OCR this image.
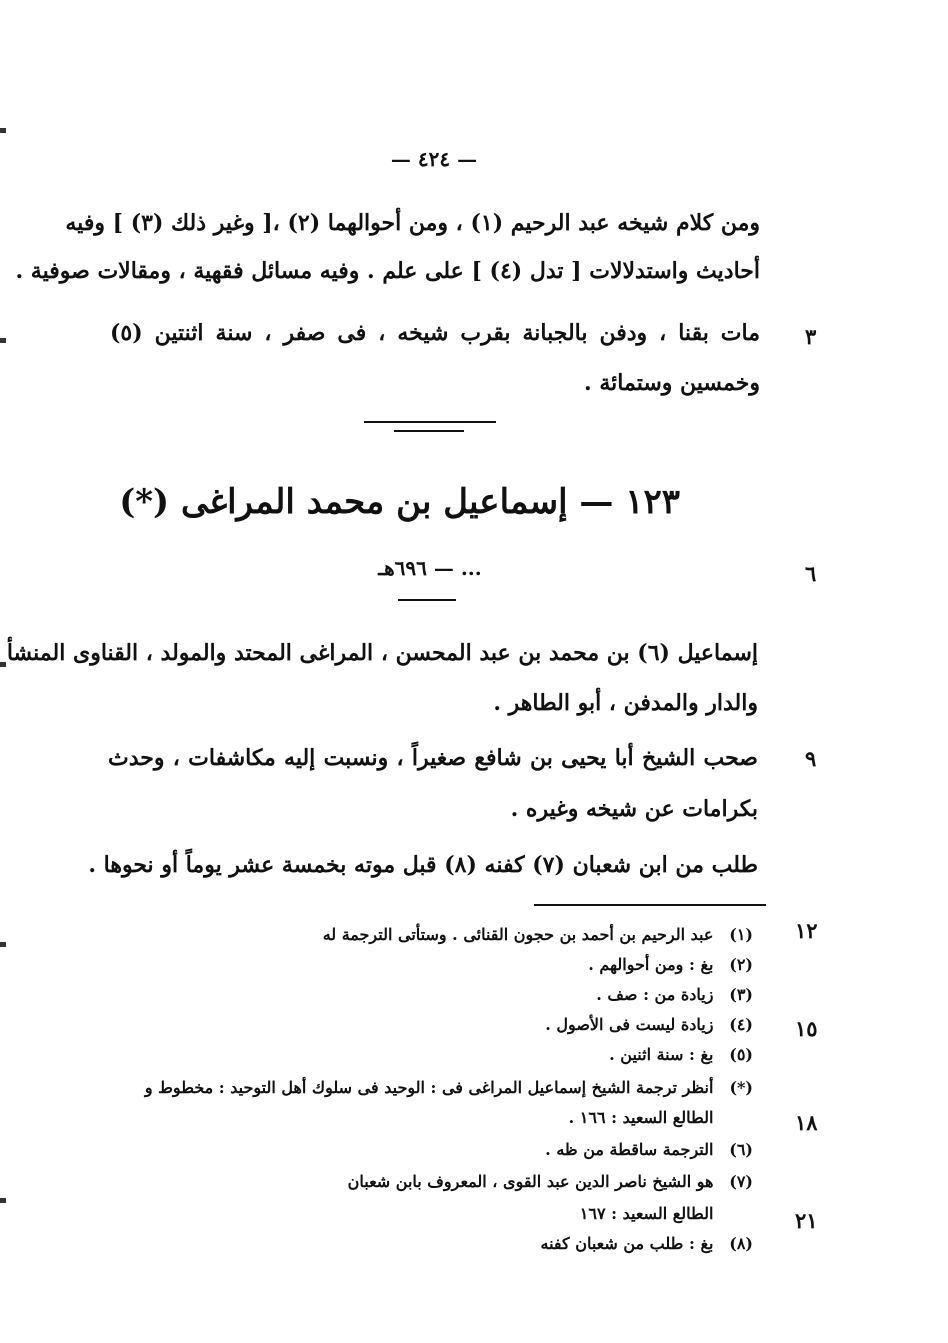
— ٤٢٤ —
ومن كلام شيخه عبد الرحيم (١) ، ومن أحوالهما (٢) ،[ وغير ذلك (٣) ] وفيه
أحاديث واستدلالات [ تدل (٤) ] على علم . وفيه مسائل فقهية ، ومقالات صوفية .
مات بقنا ، ودفن بالجبانة بقرب شيخه ، فى صفر ، سنة اثنتين (٥)
وخمسين وستمائة .
١٢٣ — إسماعيل بن محمد المراغى (*)
... — ٦٩٦هـ
إسماعيل (٦) بن محمد بن عبد المحسن ، المراغى المحتد والمولد ، القناوى المنشأ
والدار والمدفن ، أبو الطاهر .
صحب الشيخ أبا يحيى بن شافع صغيراً ، ونسبت إليه مكاشفات ، وحدث
بكرامات عن شيخه وغيره .
طلب من ابن شعبان (٧) كفنه (٨) قبل موته بخمسة عشر يوماً أو نحوها .
٣
٦
٩
١٢
١٥
١٨
٢١
(١) عبد الرحيم بن أحمد بن حجون القنائى . وستأتى الترجمة له
(٢) بغ : ومن أحوالهم .
(٣) زيادة من : صف .
(٤) زيادة ليست فى الأصول .
(٥) بغ : سنة اثنين .
(*) أنظر ترجمة الشيخ إسماعيل المراغى فى : الوحيد فى سلوك أهل التوحيد : مخطوط و
الطالع السعيد : ١٦٦ .
(٦) الترجمة ساقطة من ظه .
(٧) هو الشيخ ناصر الدين عبد القوى ، المعروف بابن شعبان
الطالع السعيد : ١٦٧
(٨) بغ : طلب من شعبان كفنه
